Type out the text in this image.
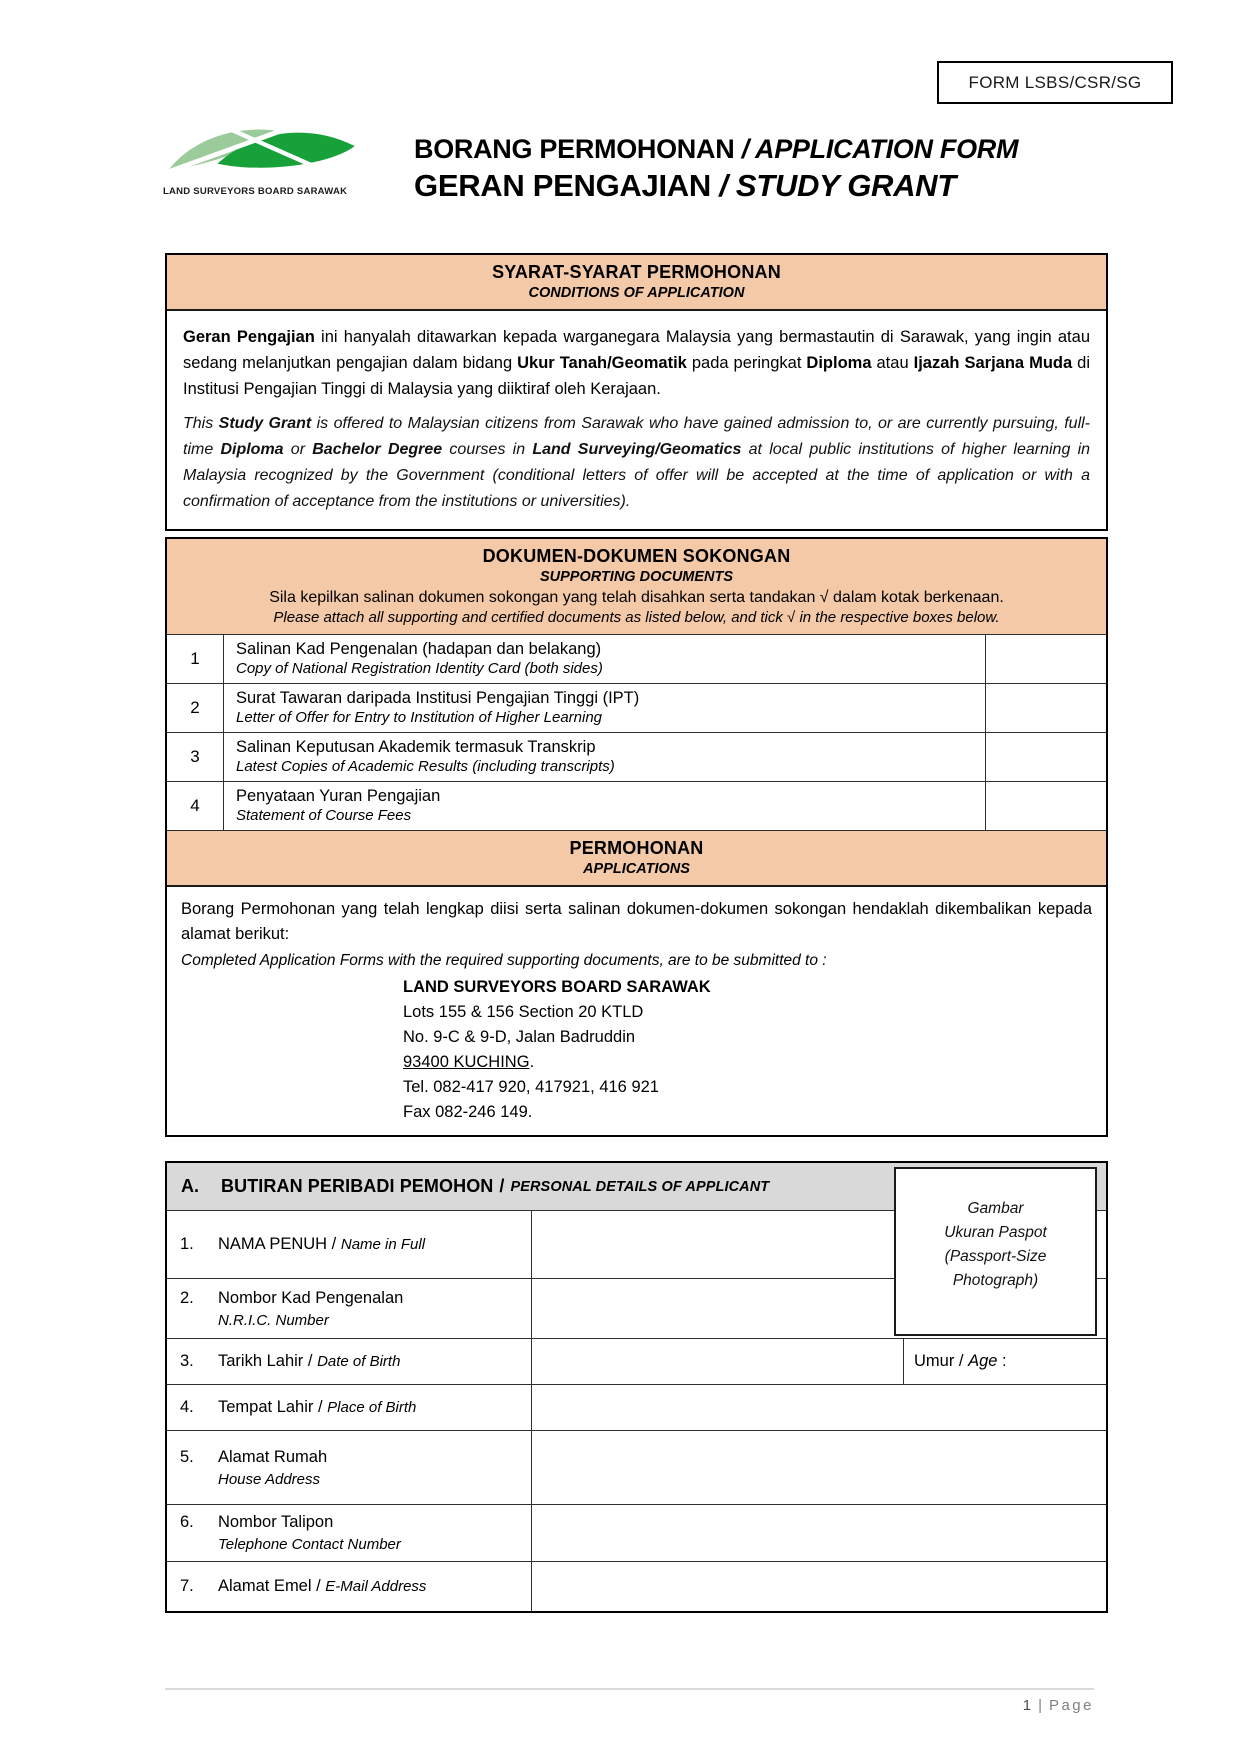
FORM LSBS/CSR/SG
LAND SURVEYORS BOARD SARAWAK
BORANG PERMOHONAN / APPLICATION FORM
GERAN PENGAJIAN / STUDY GRANT
SYARAT-SYARAT PERMOHONAN
CONDITIONS OF APPLICATION

Geran Pengajian ini hanyalah ditawarkan kepada warganegara Malaysia yang bermastautin di Sarawak, yang ingin atau sedang melanjutkan pengajian dalam bidang Ukur Tanah/Geomatik pada peringkat Diploma atau Ijazah Sarjana Muda di Institusi Pengajian Tinggi di Malaysia yang diiktiraf oleh Kerajaan.

This Study Grant is offered to Malaysian citizens from Sarawak who have gained admission to, or are currently pursuing, full-time Diploma or Bachelor Degree courses in Land Surveying/Geomatics at local public institutions of higher learning in Malaysia recognized by the Government (conditional letters of offer will be accepted at the time of application or with a confirmation of acceptance from the institutions or universities).

DOKUMEN-DOKUMEN SOKONGAN
SUPPORTING DOCUMENTS
Sila kepilkan salinan dokumen sokongan yang telah disahkan serta tandakan √ dalam kotak berkenaan.
Please attach all supporting and certified documents as listed below, and tick √ in the respective boxes below.
1	Salinan Kad Pengenalan (hadapan dan belakang)
Copy of National Registration Identity Card (both sides)
2	Surat Tawaran daripada Institusi Pengajian Tinggi (IPT)
Letter of Offer for Entry to Institution of Higher Learning
3	Salinan Keputusan Akademik termasuk Transkrip
Latest Copies of Academic Results (including transcripts)
4	Penyataan Yuran Pengajian
Statement of Course Fees
PERMOHONAN
APPLICATIONS

Borang Permohonan yang telah lengkap diisi serta salinan dokumen-dokumen sokongan hendaklah dikembalikan kepada alamat berikut:

Completed Application Forms with the required supporting documents, are to be submitted to :

LAND SURVEYORS BOARD SARAWAK
Lots 155 & 156 Section 20 KTLD
No. 9-C & 9-D, Jalan Badruddin
93400 KUCHING.
Tel. 082-417 920, 417921, 416 921
Fax 082-246 149.
A.	BUTIRAN PERIBADI PEMOHON / PERSONAL DETAILS OF APPLICANT
Gambar
Ukuran Paspot
(Passport-Size
Photograph)
1. NAMA PENUH / Name in Full
2. Nombor Kad Pengenalan
N.R.I.C. Number
3. Tarikh Lahir / Date of Birth	Umur / Age :
4. Tempat Lahir / Place of Birth
5. Alamat Rumah
House Address
6. Nombor Talipon
Telephone Contact Number
7. Alamat Emel / E-Mail Address
1 | Page
